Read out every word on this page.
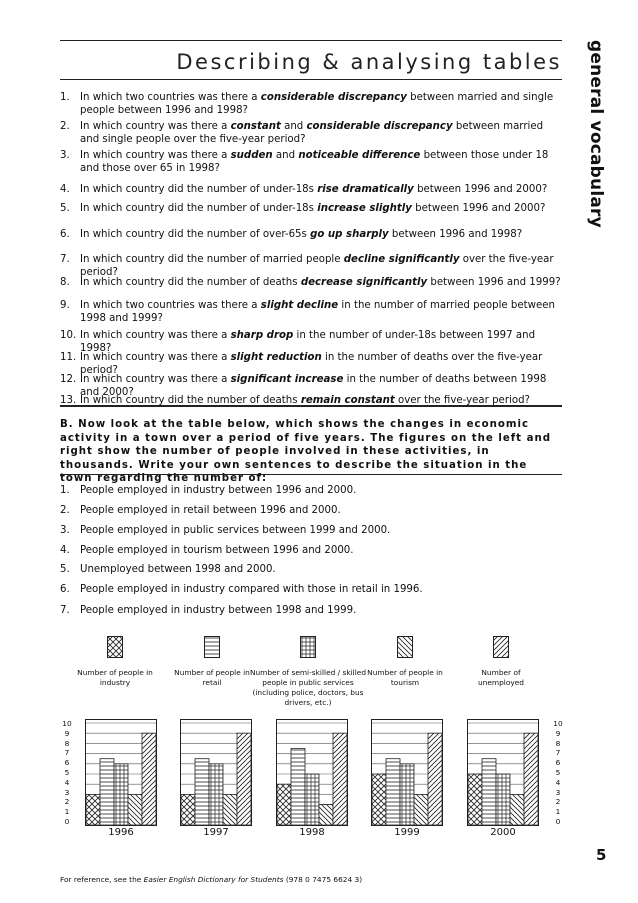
Describing & analysing tables general vocabulary
1.	In which two countries was there a considerable discrepancy between married and single people between 1996 and 1998?
2.	In which country was there a constant and considerable discrepancy between married and single people over the five-year period?
3.	In which country was there a sudden and noticeable difference between those under 18 and those over 65 in 1998?
4.	In which country did the number of under-18s rise dramatically between 1996 and 2000?
5.	In which country did the number of under-18s increase slightly between 1996 and 2000?
6.	In which country did the number of over-65s go up sharply between 1996 and 1998?
7.	In which country did the number of married people decline significantly over the five-year period?
8.	In which country did the number of deaths decrease significantly between 1996 and 1999?
9.	In which two countries was there a slight decline in the number of married people between 1998 and 1999?
10. In which country was there a sharp drop in the number of under-18s between 1997 and 1998?
11. In which country was there a slight reduction in the number of deaths over the five-year period?
12. In which country was there a significant increase in the number of deaths between 1998 and 2000?
13. In which country did the number of deaths remain constant over the five-year period?
B. Now look at the table below, which shows the changes in economic activity in a town over a period of five years. The figures on the left and right show the number of people involved in these activities, in thousands. Write your own sentences to describe the situation in the town regarding the number of:
1.	People employed in industry between 1996 and 2000.
2.	People employed in retail between 1996 and 2000.
3.	People employed in public services between 1999 and 2000.
4.	People employed in tourism between 1996 and 2000.
5.	Unemployed between 1998 and 2000.
6.	People employed in industry compared with those in retail in 1996.
7.	People employed in industry between 1998 and 1999.
Number of people in industry
Number of people in retail
Number of semi-skilled / skilled people in public services (including police, doctors, bus drivers, etc.)
Number of people in tourism
Number of unemployed
10	10
9	9
8	8
7	7
6	6
5	5
4	4
3	3
2	2
1	1
0	0
1996	1997	1998	1999	2000
For reference, see the Easier English Dictionary for Students (978 0 7475 6624 3)
5
